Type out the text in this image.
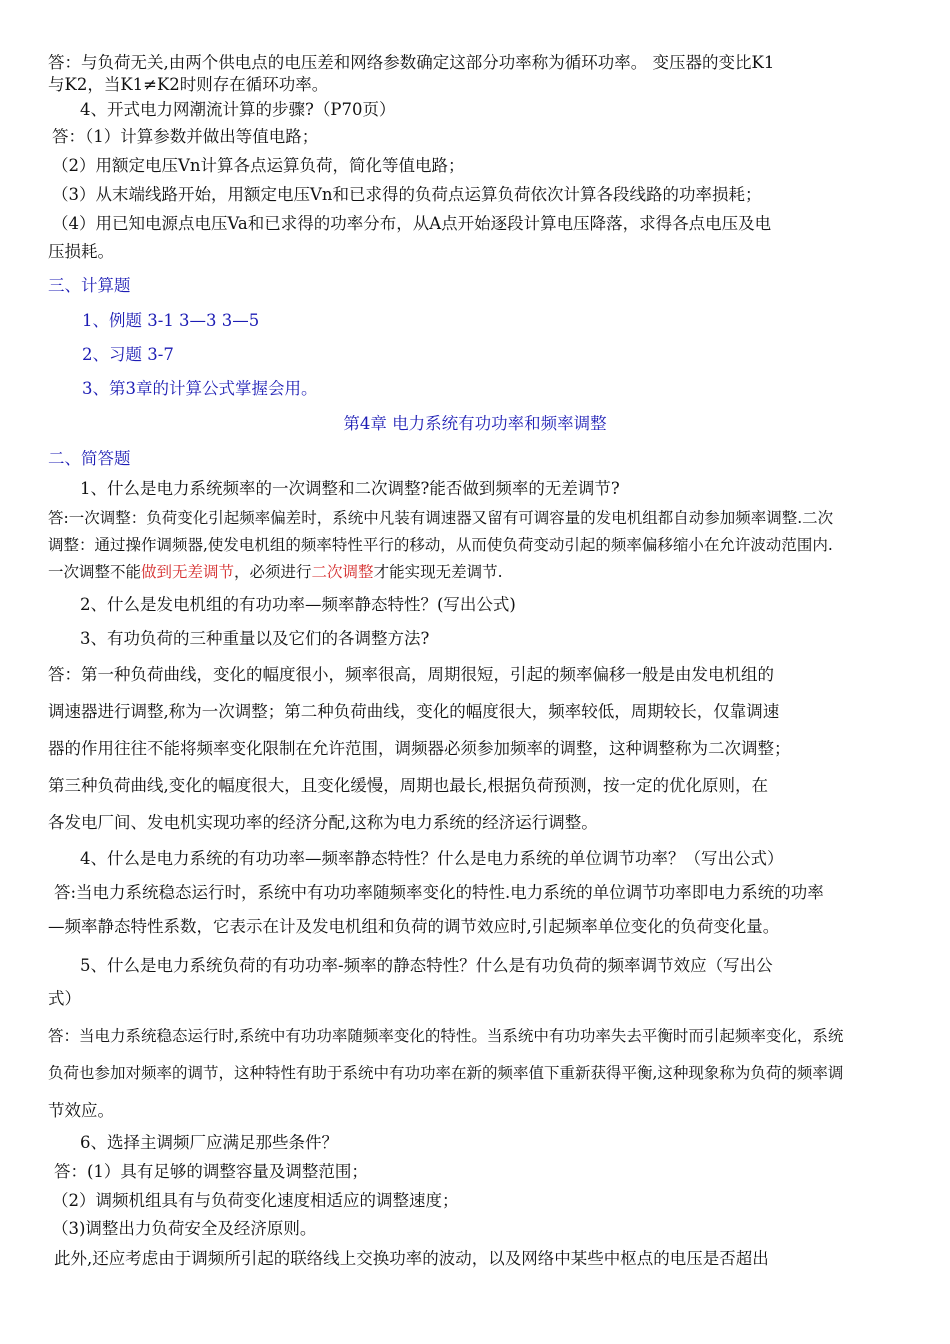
答：与负荷无关,由两个供电点的电压差和网络参数确定这部分功率称为循环功率。 变压器的变比K1
与K2，当K1≠K2时则存在循环功率。
4、开式电力网潮流计算的步骤?（P70页）
答：（1）计算参数并做出等值电路；
（2）用额定电压Vn计算各点运算负荷，简化等值电路；
（3）从末端线路开始，用额定电压Vn和已求得的负荷点运算负荷依次计算各段线路的功率损耗；
（4）用已知电源点电压Va和已求得的功率分布，从A点开始逐段计算电压降落，求得各点电压及电
压损耗。
三、计算题
1、例题 3-1 3—3 3—5
2、习题 3-7
3、第3章的计算公式掌握会用。
第4章 电力系统有功功率和频率调整
二、简答题
1、什么是电力系统频率的一次调整和二次调整?能否做到频率的无差调节?
答:一次调整：负荷变化引起频率偏差时，系统中凡装有调速器又留有可调容量的发电机组都自动参加频率调整.二次
调整：通过操作调频器,使发电机组的频率特性平行的移动，从而使负荷变动引起的频率偏移缩小在允许波动范围内.
一次调整不能做到无差调节，必须进行二次调整才能实现无差调节.
2、什么是发电机组的有功功率—频率静态特性？(写出公式)
3、有功负荷的三种重量以及它们的各调整方法?
答：第一种负荷曲线，变化的幅度很小，频率很高，周期很短，引起的频率偏移一般是由发电机组的
调速器进行调整,称为一次调整；第二种负荷曲线，变化的幅度很大，频率较低，周期较长，仅靠调速
器的作用往往不能将频率变化限制在允许范围，调频器必须参加频率的调整，这种调整称为二次调整；
第三种负荷曲线,变化的幅度很大，且变化缓慢，周期也最长,根据负荷预测，按一定的优化原则，在
各发电厂间、发电机实现功率的经济分配,这称为电力系统的经济运行调整。
4、什么是电力系统的有功功率—频率静态特性？什么是电力系统的单位调节功率？（写出公式）
答:当电力系统稳态运行时，系统中有功功率随频率变化的特性.电力系统的单位调节功率即电力系统的功率
—频率静态特性系数，它表示在计及发电机组和负荷的调节效应时,引起频率单位变化的负荷变化量。
5、什么是电力系统负荷的有功功率-频率的静态特性？什么是有功负荷的频率调节效应（写出公
式）
答：当电力系统稳态运行时,系统中有功功率随频率变化的特性。当系统中有功功率失去平衡时而引起频率变化，系统
负荷也参加对频率的调节，这种特性有助于系统中有功功率在新的频率值下重新获得平衡,这种现象称为负荷的频率调
节效应。
6、选择主调频厂应满足那些条件？
答：(1）具有足够的调整容量及调整范围；
（2）调频机组具有与负荷变化速度相适应的调整速度；
（3)调整出力负荷安全及经济原则。
此外,还应考虑由于调频所引起的联络线上交换功率的波动，以及网络中某些中枢点的电压是否超出
